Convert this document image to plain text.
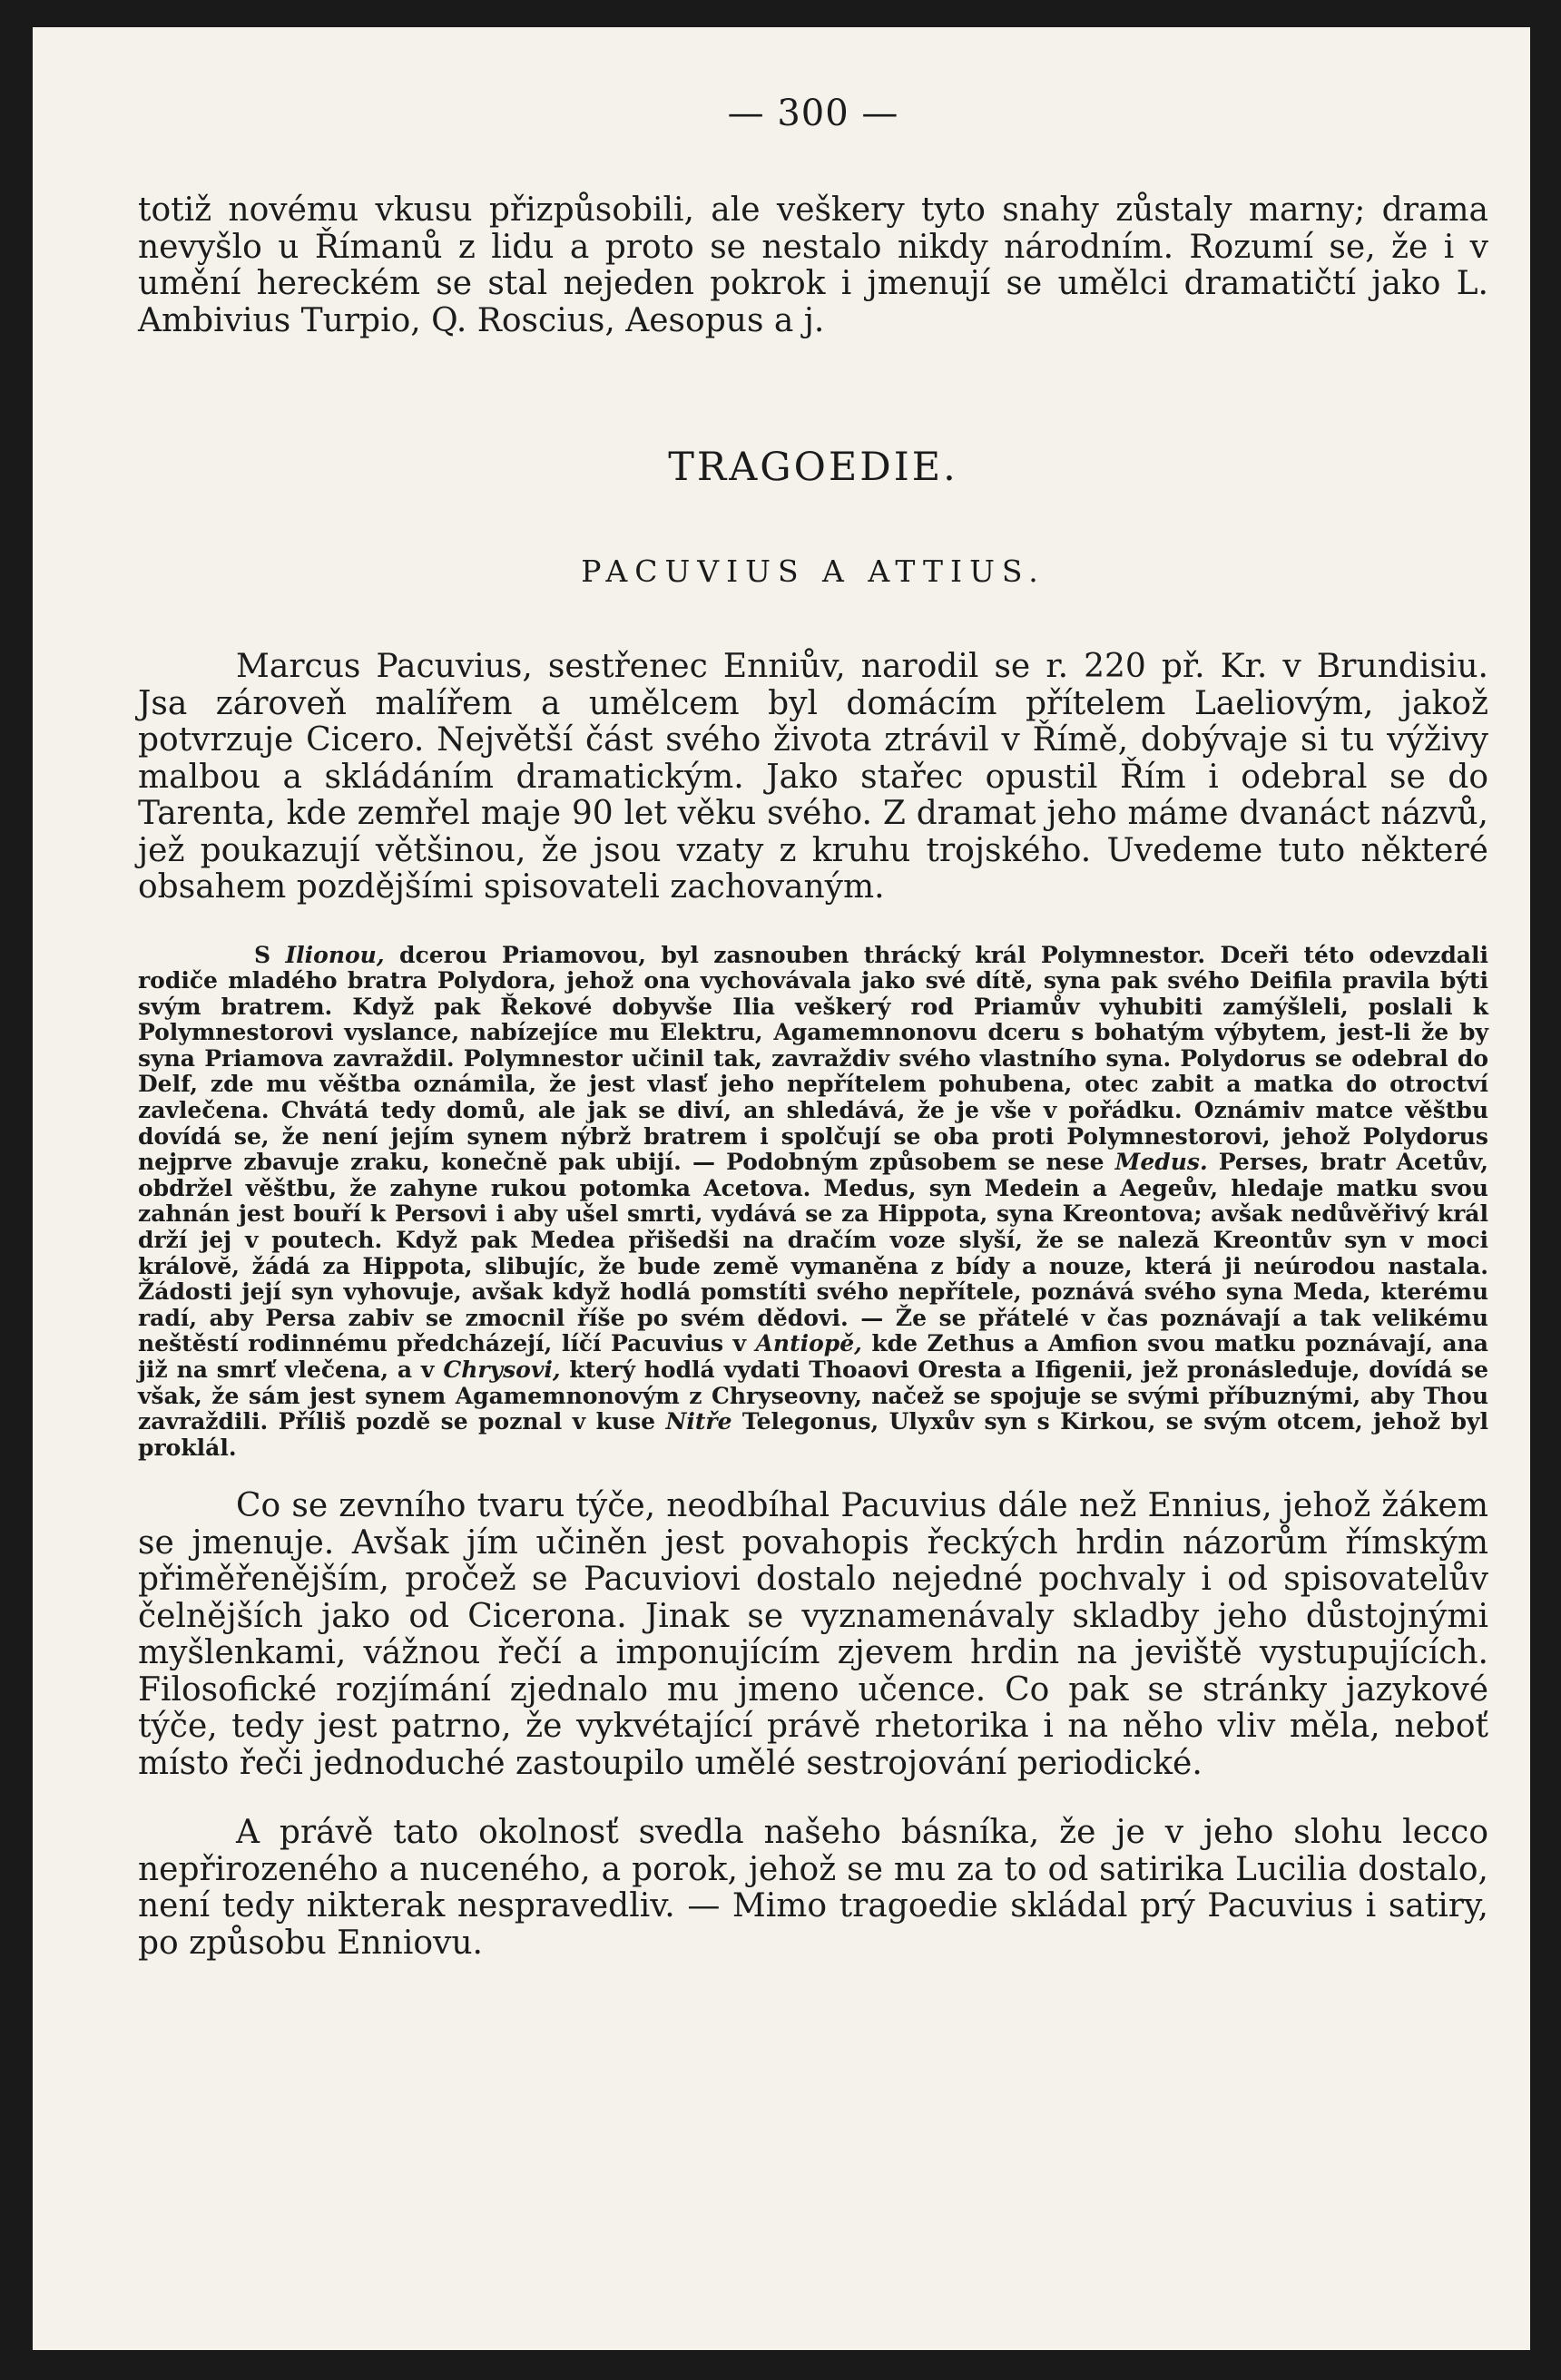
— 300 —

totiž novému vkusu přizpůsobili, ale veškery tyto snahy zůstaly marny; drama nevyšlo u Římanů z lidu a proto se nestalo nikdy národním. Rozumí se, že i v umění hereckém se stal nejeden pokrok i jmenují se umělci dramatičtí jako L. Ambivius Turpio, Q. Roscius, Aesopus a j.

TRAGOEDIE.
PACUVIUS A ATTIUS.

Marcus Pacuvius, sestřenec Enniův, narodil se r. 220 př. Kr. v Brundisiu. Jsa zároveň malířem a umělcem byl domácím přítelem Laeliovým, jakož potvrzuje Cicero. Největší část svého života ztrávil v Římě, dobývaje si tu výživy malbou a skládáním dramatickým. Jako stařec opustil Řím i odebral se do Tarenta, kde zemřel maje 90 let věku svého. Z dramat jeho máme dvanáct názvů, jež poukazují většinou, že jsou vzaty z kruhu trojského. Uvedeme tuto některé obsahem pozdějšími spisovateli zachovaným.

S Ilionou, dcerou Priamovou, byl zasnouben thrácký král Polymnestor. Dceři této odevzdali rodiče mladého bratra Polydora, jehož ona vychovávala jako své dítě, syna pak svého Deifila pravila býti svým bratrem. Když pak Řekové dobyvše Ilia veškerý rod Priamův vyhubiti zamýšleli, poslali k Polymnestorovi vyslance, nabízejíce mu Elektru, Agamemnonovu dceru s bohatým výbytem, jest-li že by syna Priamova zavraždil. Polymnestor učinil tak, zavraždiv svého vlastního syna. Polydorus se odebral do Delf, zde mu věštba oznámila, že jest vlasť jeho nepřítelem pohubena, otec zabit a matka do otroctví zavlečena. Chvátá tedy domů, ale jak se diví, an shledává, že je vše v pořádku. Oznámiv matce věštbu dovídá se, že není jejím synem nýbrž bratrem i spolčují se oba proti Polymnestorovi, jehož Polydorus nejprve zbavuje zraku, konečně pak ubijí. — Podobným způsobem se nese Medus. Perses, bratr Acetův, obdržel věštbu, že zahyne rukou potomka Acetova. Medus, syn Medein a Aegeův, hledaje matku svou zahnán jest bouří k Persovi i aby ušel smrti, vydává se za Hippota, syna Kreontova; avšak nedůvěřivý král drží jej v poutech. Když pak Medea přišedši na dračím voze slyší, že se naleză Kreontův syn v moci královĕ, žádá za Hippota, slibujíc, že bude země vymaněna z bídy a nouze, která ji neúrodou nastala. Žádosti její syn vyhovuje, avšak když hodlá pomstíti svého nepřítele, poznává svého syna Meda, kterému radí, aby Persa zabiv se zmocnil říše po svém dědovi. — Že se přátelé v čas poznávají a tak velikému neštěstí rodinnému předcházejí, líčí Pacuvius v Antiopě, kde Zethus a Amfion svou matku poznávají, ana již na smrť vlečena, a v Chrysovi, který hodlá vydati Thoaovi Oresta a Ifigenii, jež pronásleduje, dovídá se však, že sám jest synem Agamemnonovým z Chryseovny, načež se spojuje se svými příbuznými, aby Thou zavraždili. Příliš pozdě se poznal v kuse Nitře Telegonus, Ulyxův syn s Kirkou, se svým otcem, jehož byl proklál.

Co se zevního tvaru týče, neodbíhal Pacuvius dále než Ennius, jehož žákem se jmenuje. Avšak jím učiněn jest povahopis řeckých hrdin názorům římským přiměřenějším, pročež se Pacuviovi dostalo nejedné pochvaly i od spisovatelův čelnějších jako od Cicerona. Jinak se vyznamenávaly skladby jeho důstojnými myšlenkami, vážnou řečí a imponujícím zjevem hrdin na jeviště vystupujících. Filosofické rozjímání zjednalo mu jmeno učence. Co pak se stránky jazykové týče, tedy jest patrno, že vykvétající právě rhetorika i na něho vliv měla, neboť místo řeči jednoduché zastoupilo umělé sestrojování periodické.

A právě tato okolnosť svedla našeho básníka, že je v jeho slohu lecco nepřirozeného a nuceného, a porok, jehož se mu za to od satirika Lucilia dostalo, není tedy nikterak nespravedliv. — Mimo tragoedie skládal prý Pacuvius i satiry, po způsobu Enniovu.
